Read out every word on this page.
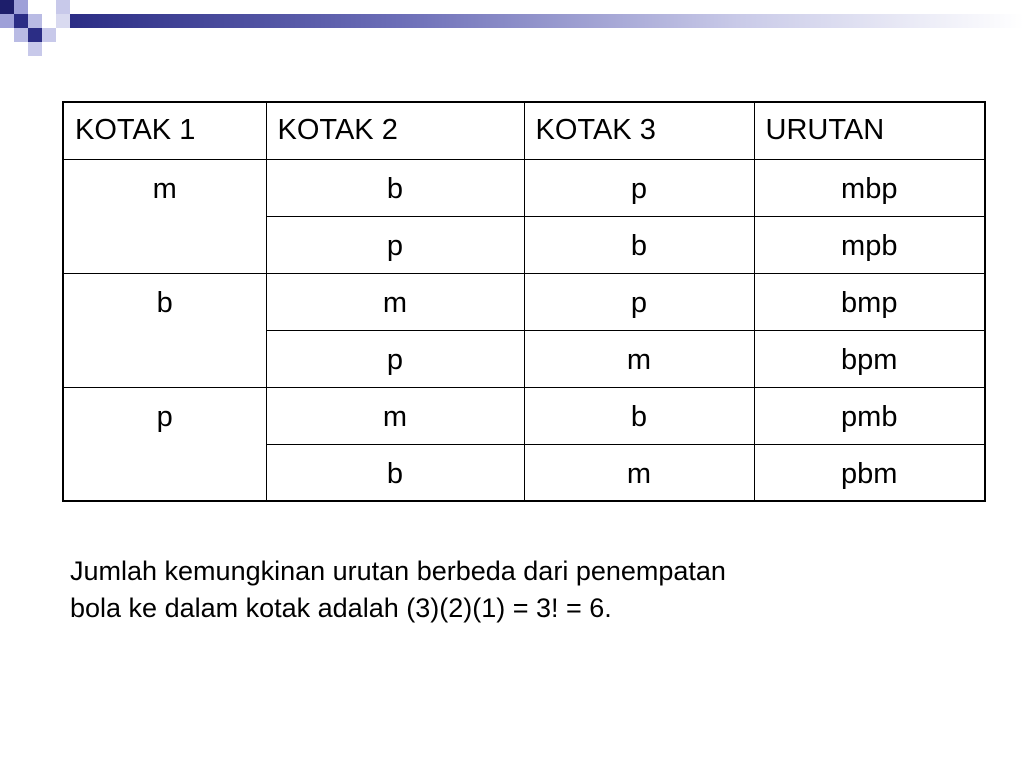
KOTAK 1	KOTAK 2	KOTAK 3	URUTAN
m	b	p	mbp
	p	b	mpb
b	m	p	bmp
	p	m	bpm
p	m	b	pmb
	b	m	pbm

Jumlah kemungkinan urutan berbeda dari penempatan
bola ke dalam kotak adalah (3)(2)(1) = 3! = 6.
